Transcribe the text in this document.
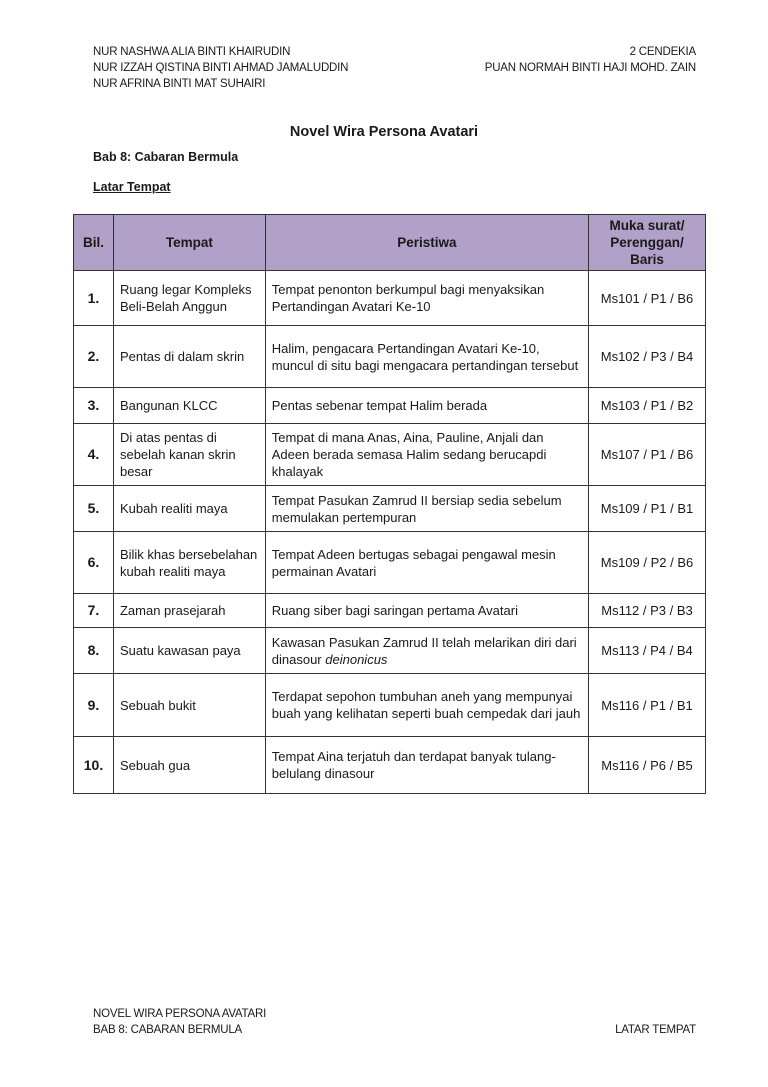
NUR NASHWA ALIA BINTI KHAIRUDIN
NUR IZZAH QISTINA BINTI AHMAD JAMALUDDIN
NUR AFRINA BINTI MAT SUHAIRI
2 CENDEKIA
PUAN NORMAH BINTI HAJI MOHD. ZAIN
Novel Wira Persona Avatari
Bab 8: Cabaran Bermula
Latar Tempat
Bil.	Tempat	Peristiwa	Muka surat/ Perenggan/ Baris
1.	Ruang legar Kompleks Beli-Belah Anggun	Tempat penonton berkumpul bagi menyaksikan Pertandingan Avatari Ke-10	Ms101 / P1 / B6
2.	Pentas di dalam skrin	Halim, pengacara Pertandingan Avatari Ke-10, muncul di situ bagi mengacara pertandingan tersebut	Ms102 / P3 / B4
3.	Bangunan KLCC	Pentas sebenar tempat Halim berada	Ms103 / P1 / B2
4.	Di atas pentas di sebelah kanan skrin besar	Tempat di mana Anas, Aina, Pauline, Anjali dan Adeen berada semasa Halim sedang berucapdi khalayak	Ms107 / P1 / B6
5.	Kubah realiti maya	Tempat Pasukan Zamrud II bersiap sedia sebelum memulakan pertempuran	Ms109 / P1 / B1
6.	Bilik khas bersebelahan kubah realiti maya	Tempat Adeen bertugas sebagai pengawal mesin permainan Avatari	Ms109 / P2 / B6
7.	Zaman prasejarah	Ruang siber bagi saringan pertama Avatari	Ms112 / P3 / B3
8.	Suatu kawasan paya	Kawasan Pasukan Zamrud II telah melarikan diri dari dinasour deinonicus	Ms113 / P4 / B4
9.	Sebuah bukit	Terdapat sepohon tumbuhan aneh yang mempunyai buah yang kelihatan seperti buah cempedak dari jauh	Ms116 / P1 / B1
10.	Sebuah gua	Tempat Aina terjatuh dan terdapat banyak tulang-belulang dinasour	Ms116 / P6 / B5
NOVEL WIRA PERSONA AVATARI
BAB 8: CABARAN BERMULA	LATAR TEMPAT
